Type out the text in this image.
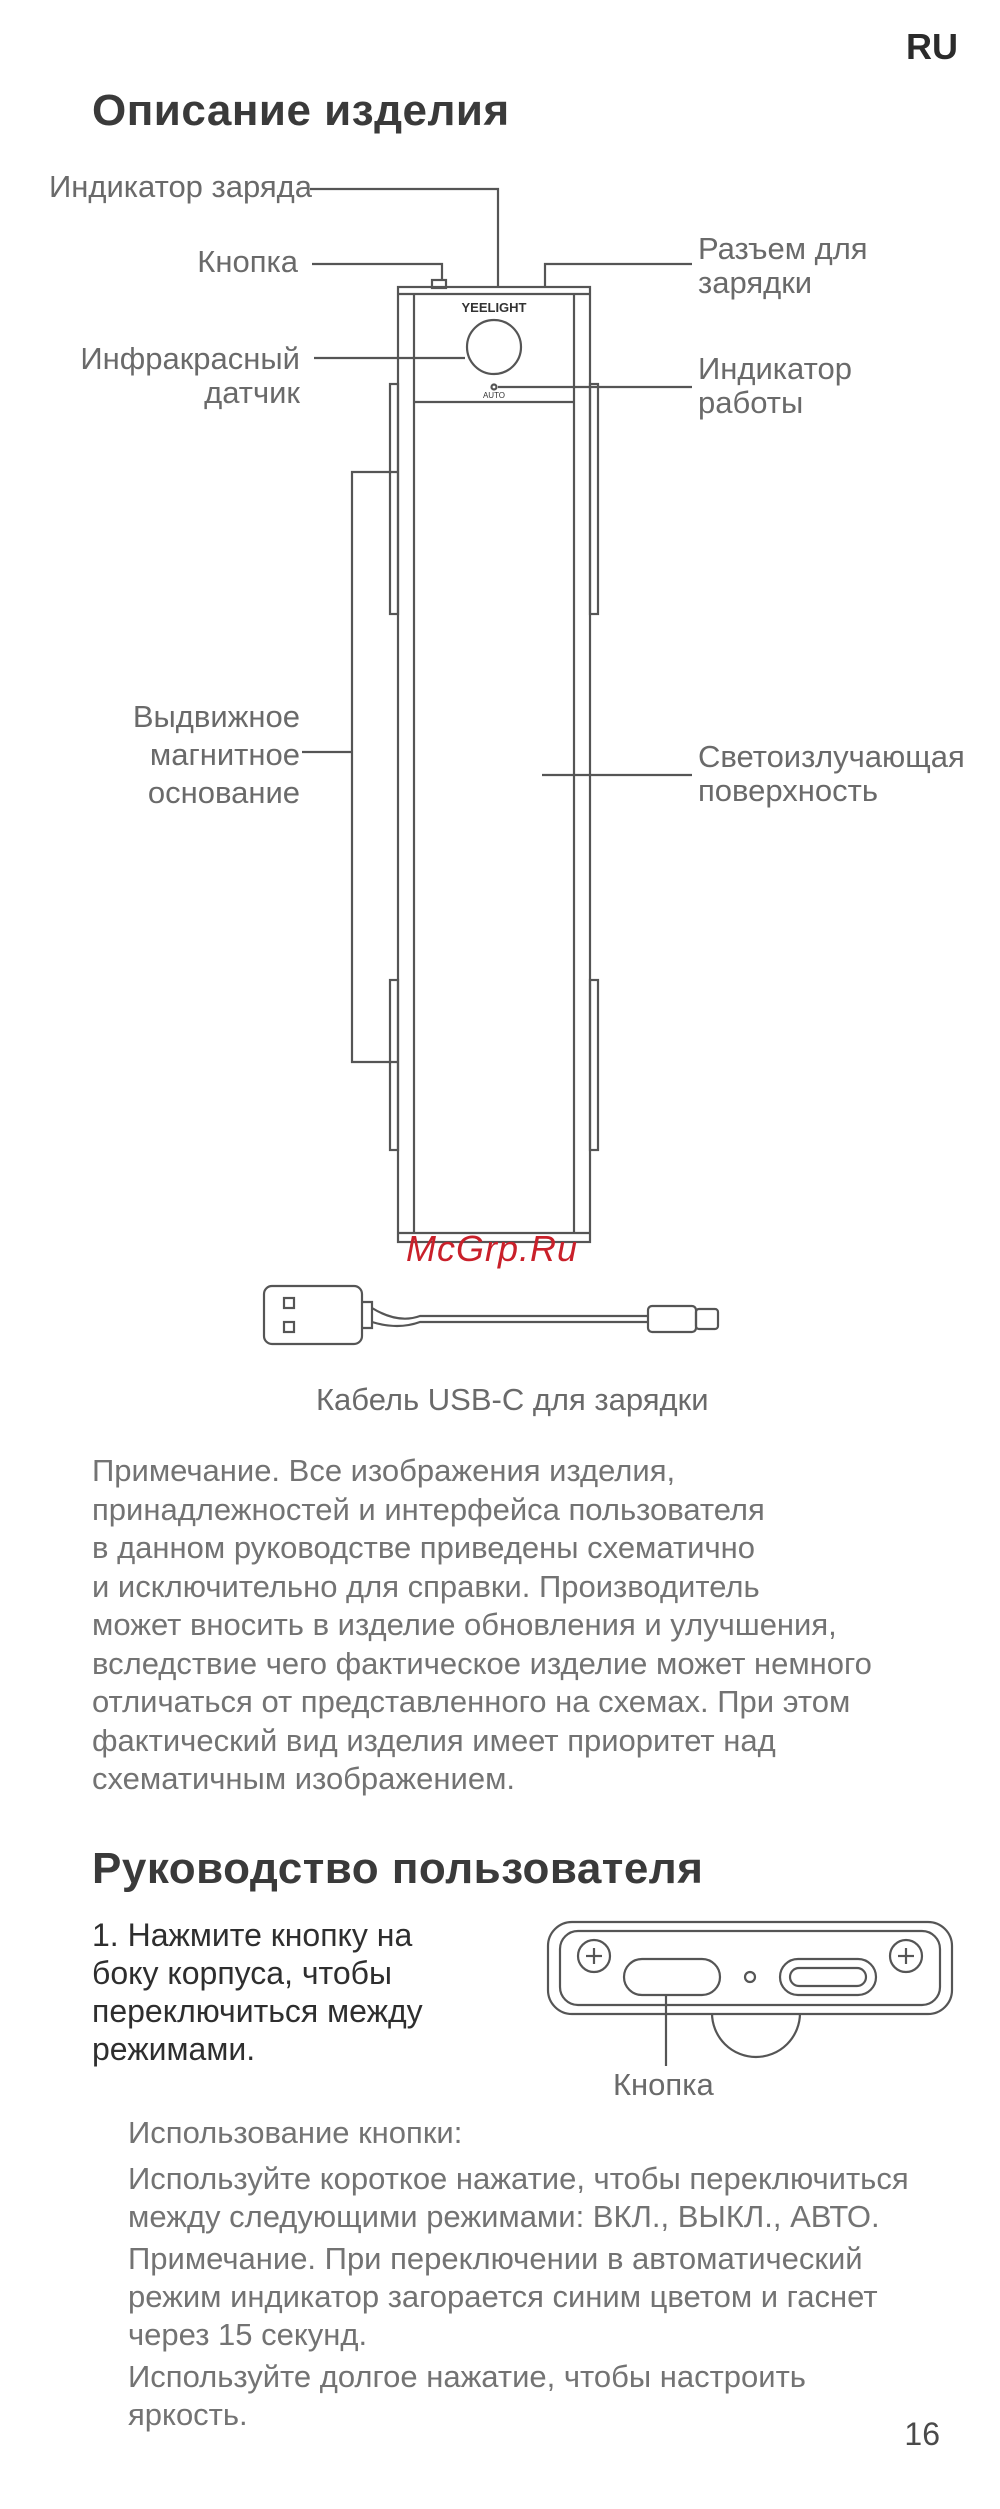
RU
Описание изделия
YEELIGHT
AUTO
Индикатор заряда
Кнопка
Инфракрасный
датчик
Разъем для
зарядки
Индикатор
работы
Выдвижное
магнитное
основание
Светоизлучающая
поверхность
McGrp.Ru
Кабель USB-C для зарядки

Примечание. Все изображения изделия,

принадлежностей и интерфейса пользователя

в данном руководстве приведены схематично

и исключительно для справки. Производитель

может вносить в изделие обновления и улучшения,

вследствие чего фактическое изделие может немного

отличаться от представленного на схемах. При этом

фактический вид изделия имеет приоритет над

схематичным изображением.

Руководство пользователя
1. Нажмите кнопку на
боку корпуса, чтобы
переключиться между
режимами.
Кнопка
Использование кнопки:

Используйте короткое нажатие, чтобы переключиться

между следующими режимами: ВКЛ., ВЫКЛ., АВТО.

Примечание. При переключении в автоматический

режим индикатор загорается синим цветом и гаснет

через 15 секунд.

Используйте долгое нажатие, чтобы настроить

яркость.

16
